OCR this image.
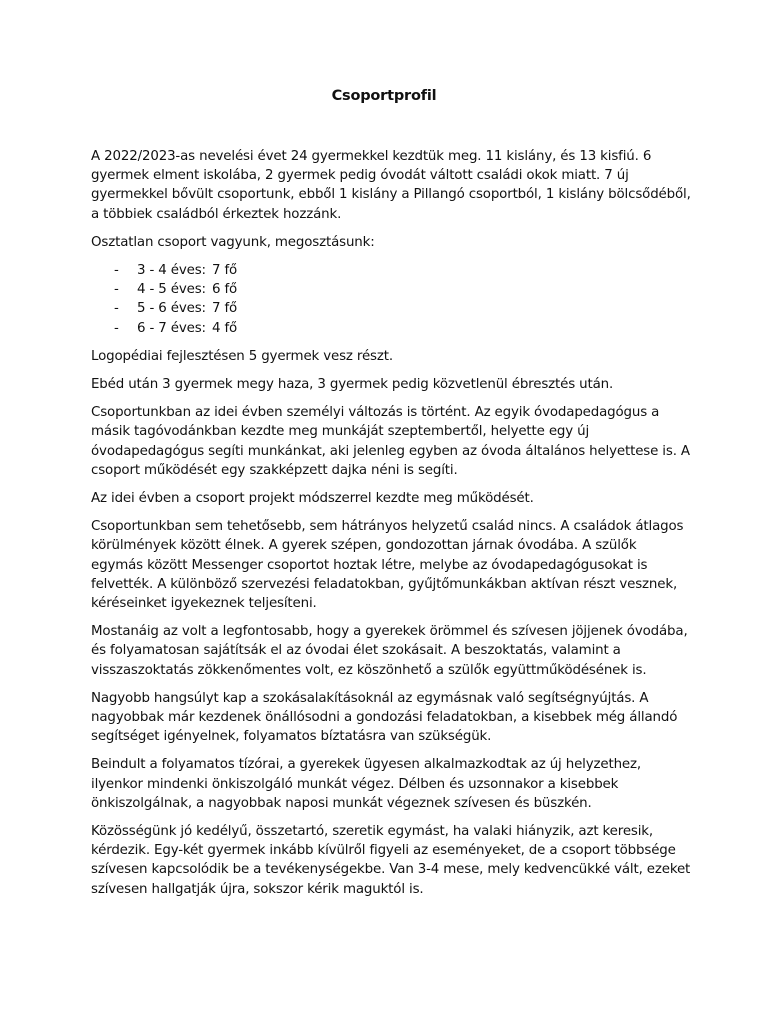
Csoportprofil

A 2022/2023-as nevelési évet 24 gyermekkel kezdtük meg. 11 kislány, és 13 kisfiú. 6 gyermek elment iskolába, 2 gyermek pedig óvodát váltott családi okok miatt. 7 új gyermekkel bővült csoportunk, ebből 1 kislány a Pillangó csoportból, 1 kislány bölcsődéből, a többiek családból érkeztek hozzánk.

Osztatlan csoport vagyunk, megosztásunk:

- 3 - 4 éves: 7 fő
- 4 - 5 éves: 6 fő
- 5 - 6 éves: 7 fő
- 6 - 7 éves: 4 fő

Logopédiai fejlesztésen 5 gyermek vesz részt.

Ebéd után 3 gyermek megy haza, 3 gyermek pedig közvetlenül ébresztés után.

Csoportunkban az idei évben személyi változás is történt. Az egyik óvodapedagógus a másik tagóvodánkban kezdte meg munkáját szeptembertől, helyette egy új óvodapedagógus segíti munkánkat, aki jelenleg egyben az óvoda általános helyettese is. A csoport működését egy szakképzett dajka néni is segíti.

Az idei évben a csoport projekt módszerrel kezdte meg működését.

Csoportunkban sem tehetősebb, sem hátrányos helyzetű család nincs. A családok átlagos körülmények között élnek. A gyerek szépen, gondozottan járnak óvodába. A szülők egymás között Messenger csoportot hoztak létre, melybe az óvodapedagógusokat is felvették. A különböző szervezési feladatokban, gyűjtőmunkákban aktívan részt vesznek, kéréseinket igyekeznek teljesíteni.

Mostanáig az volt a legfontosabb, hogy a gyerekek örömmel és szívesen jöjjenek óvodába, és folyamatosan sajátítsák el az óvodai élet szokásait. A beszoktatás, valamint a visszaszoktatás zökkenőmentes volt, ez köszönhető a szülők együttműködésének is.

Nagyobb hangsúlyt kap a szokásalakításoknál az egymásnak való segítségnyújtás. A nagyobbak már kezdenek önállósodni a gondozási feladatokban, a kisebbek még állandó segítséget igényelnek, folyamatos bíztatásra van szükségük.

Beindult a folyamatos tízórai, a gyerekek ügyesen alkalmazkodtak az új helyzethez, ilyenkor mindenki önkiszolgáló munkát végez. Délben és uzsonnakor a kisebbek önkiszolgálnak, a nagyobbak naposi munkát végeznek szívesen és büszkén.

Közösségünk jó kedélyű, összetartó, szeretik egymást, ha valaki hiányzik, azt keresik, kérdezik. Egy-két gyermek inkább kívülről figyeli az eseményeket, de a csoport többsége szívesen kapcsolódik be a tevékenységekbe. Van 3-4 mese, mely kedvencükké vált, ezeket szívesen hallgatják újra, sokszor kérik maguktól is.
